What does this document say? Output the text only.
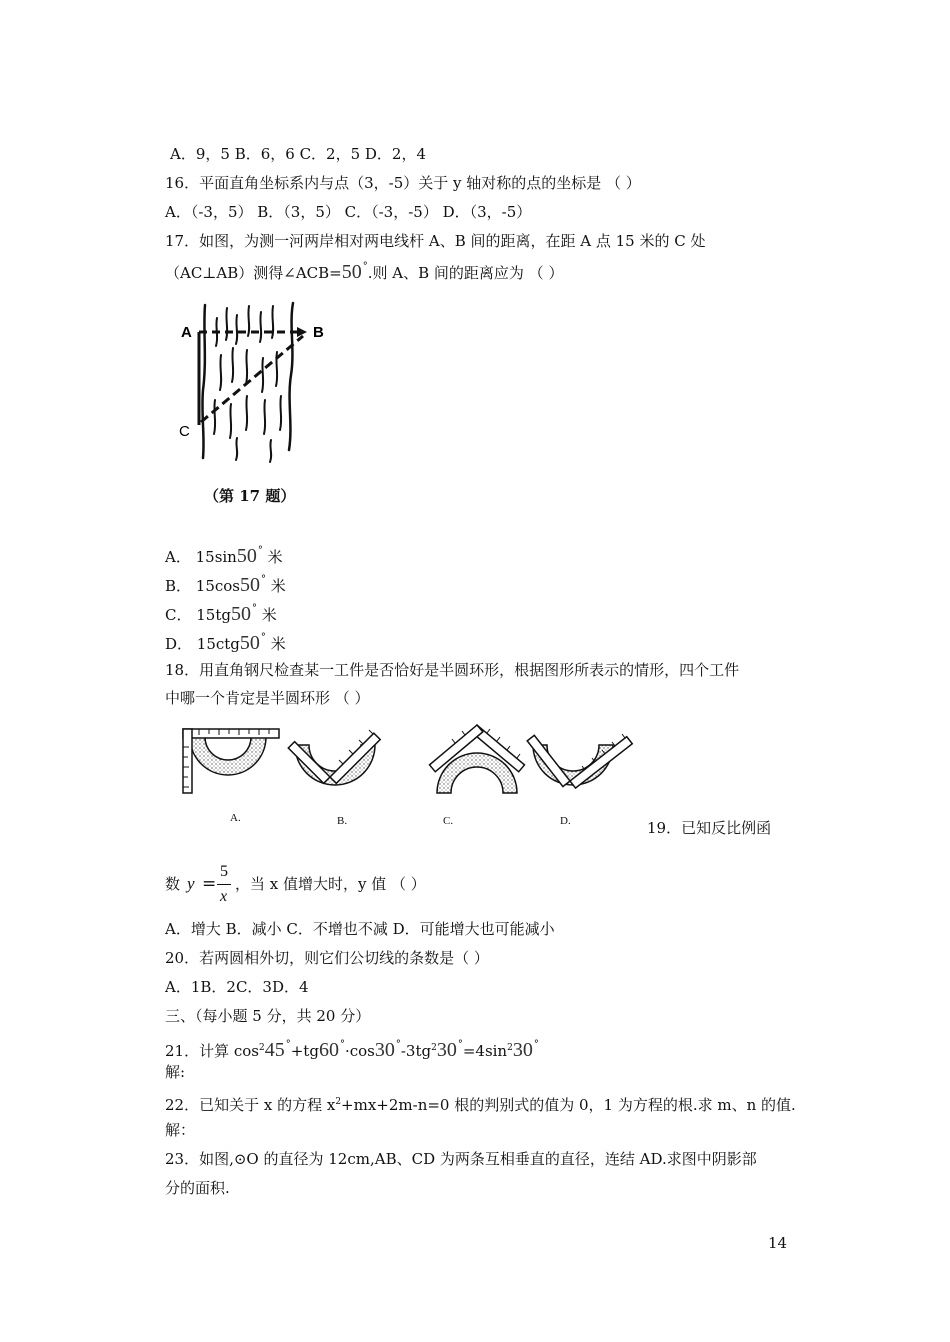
A．9，5 B．6，6 C．2，5 D．2，4
16．平面直角坐标系内与点（3，-5）关于 y 轴对称的点的坐标是 （ ）
A．（-3，5） B．（3，5） C．（-3，-5） D．（3，-5）
17．如图，为测一河两岸相对两电线杆 A、B 间的距离，在距 A 点 15 米的 C 处
（AC⊥AB）测得∠ACB=50°.则 A、B 间的距离应为 （ ）
A	B
C
（第 17 题）
A． 15sin50° 米
B． 15cos50° 米
C． 15tg50° 米
D． 15ctg50° 米
18．用直角钢尺检查某一工件是否恰好是半圆环形，根据图形所表示的情形，四个工件
中哪一个肯定是半圆环形 （ ）
A.	B.	C.	D.	19．已知反比例函
数 y =
5
x
，当 x 值增大时，y 值 （ ）
A．增大 B．减小 C．不增也不减 D．可能增大也可能减小
20．若两圆相外切，则它们公切线的条数是（ ）
A．1B．2C．3D．4
三、（每小题 5 分，共 20 分）
21．计算 $\cos^245^\circ+tg60^\circ\cdot\cos 30^\circ-3tg^230^\circ=4\sin^230^\circ$
解:
22．已知关于 x 的方程 $x^2+mx+2m-n=0$ 根的判别式的值为 0，1 为方程的根.求 m、n 的值.
解：
23．如图,⊙O 的直径为 12cm,AB、CD 为两条互相垂直的直径，连结 AD.求图中阴影部
分的面积.
14
